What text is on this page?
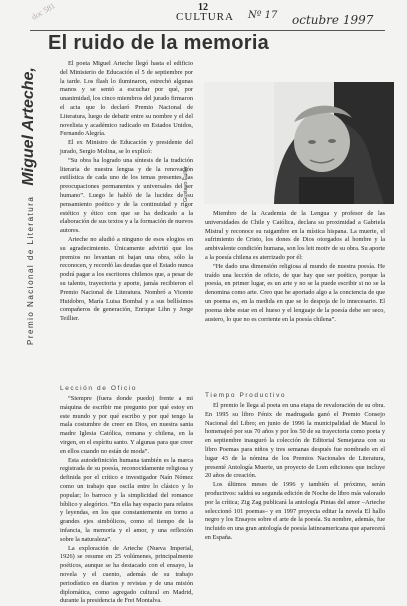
12
CULTURA Nº 17 octubre 1997
doc 581
El ruido de la memoria
Premio Nacional de Literatura Miguel Arteche,

El poeta Miguel Arteche llegó hasta el edificio del Ministerio de Educación el 5 de septiembre por la tarde. Los flash lo iluminaron, estrechó algunas manos y se sentó a escuchar por qué, por unanimidad, los cinco miembros del jurado firmaron el acta que lo declaró Premio Nacional de Literatura, luego de debatir entre su nombre y el del novelista y académico radicado en Estados Unidos, Fernando Alegría.

El ex Ministro de Educación y presidente del jurado, Sergio Molina, se lo explicó:

“Su obra ha logrado una síntesis de la tradición literaria de nuestra lengua y de la renovación estilística de cada uno de los temas presentes, las preocupaciones permanentes y universales del ser humano”. Luego le habló de la lucidez de su pensamiento poético y de la continuidad y rigor estético y ético con que se ha dedicado a la elaboración de sus textos y a la formación de nuevos autores.

Arteche no aludió a ninguno de esos elogios en su agradecimiento. Únicamente advirtió que los premios no levantan ni bajan una obra, sólo la reconocen, y recordó las deudas que el Estado nunca podrá pagar a los escritores chilenos que, a pesar de su talento, trayectoria y aporte, jamás recibieron el Premio Nacional de Literatura. Nombró a Vicente Huidobro, María Luisa Bombal y a sus bellísimos compañeros de generación, Enrique Lihn y Jorge Teillier.

Lección de Oficio

“Siempre (fuera donde puedo) frente a mi máquina de escribir me pregunto por qué estoy en este mundo y por qué escribo y por qué tengo la mala costumbre de creer en Dios, en nuestra santa madre Iglesia Católica, romana y chilena, en la virgen, en el espíritu santo. Y algunas para que creer en ellos cuando no están de moda”.

Esta autodefinición humana también es la marca registrada de su poesía, reconocidamente religiosa y definida por el crítico e investigador Naín Nómez como un trabajo que oscila entre lo clásico y lo popular; lo barroco y la simplicidad del romance bíblico y alegórico. “En ella hay espacio para relatos y leyendas, en los que constantemente en torno a grandes ejes simbólicos, como el tiempo de la infancia, la memoria y el amor, y una reflexión sobre la naturaleza”.

La exploración de Arteche (Nueva Imperial, 1926) se resume en 25 volúmenes, principalmente poéticos, aunque se ha destacado con el ensayo, la novela y el cuento, además de su trabajo periodístico en diarios y revistas y de una misión diplomática, como agregado cultural en Madrid, durante la presidencia de Frei Montalva.

Gustavo Fuller

Miembro de la Academia de la Lengua y profesor de las universidades de Chile y Católica, declara su proximidad a Gabriela Mistral y reconoce su raigambre en la mística hispana. La muerte, el sufrimiento de Cristo, los dones de Dios otorgados al hombre y la ambivalente condición humana, son los leit motiv de su obra. Su aporte a la poesía chilena es aterrizado por él:

“He dado una dimensión religiosa al mundo de nuestra poesía. He traído una lección de oficio, de que hay que ser poético, porque la poesía, en primer lugar, es un arte y no se la puede escribir si no se la denomina como arte. Creo que he aportado algo a la conciencia de que un poema es, en la medida en que se lo despoja de lo innecesario. El poema debe estar en el hueso y el lenguaje de la poesía debe ser seco, austero, lo que no es corriente en la poesía chilena”.

Tiempo Productivo

El premio le llega al poeta en una etapa de revaloración de su obra. En 1995 su libro Fénix de madrugada ganó el Premio Consejo Nacional del Libro; en junio de 1996 la municipalidad de Macul lo homenajeó por sus 70 años y por los 50 de su trayectoria como poeta y en septiembre inauguró la colección de Editorial Semejanza con su libro Poemas para niños y tres semanas después fue nombrado en el lugar 43 de la nómina de los Premios Nacionales de Literatura, presenté Antología Muerte, un proyecto de Lom ediciones que incluye 20 años de creación.

Los últimos meses de 1996 y también el próximo, serán productivos: saldrá su segunda edición de Noche de libro más valorado por la crítica; Zig Zag publicará la antología Pintas del amor –Arteche seleccionó 101 poemas– y en 1997 proyecta editar la novela El hallo negro y los Ensayos sobre el arte de la poesía. Su nombre, además, fue incluido en una gran antología de poesía latinoamericana que aparecerá en España.
